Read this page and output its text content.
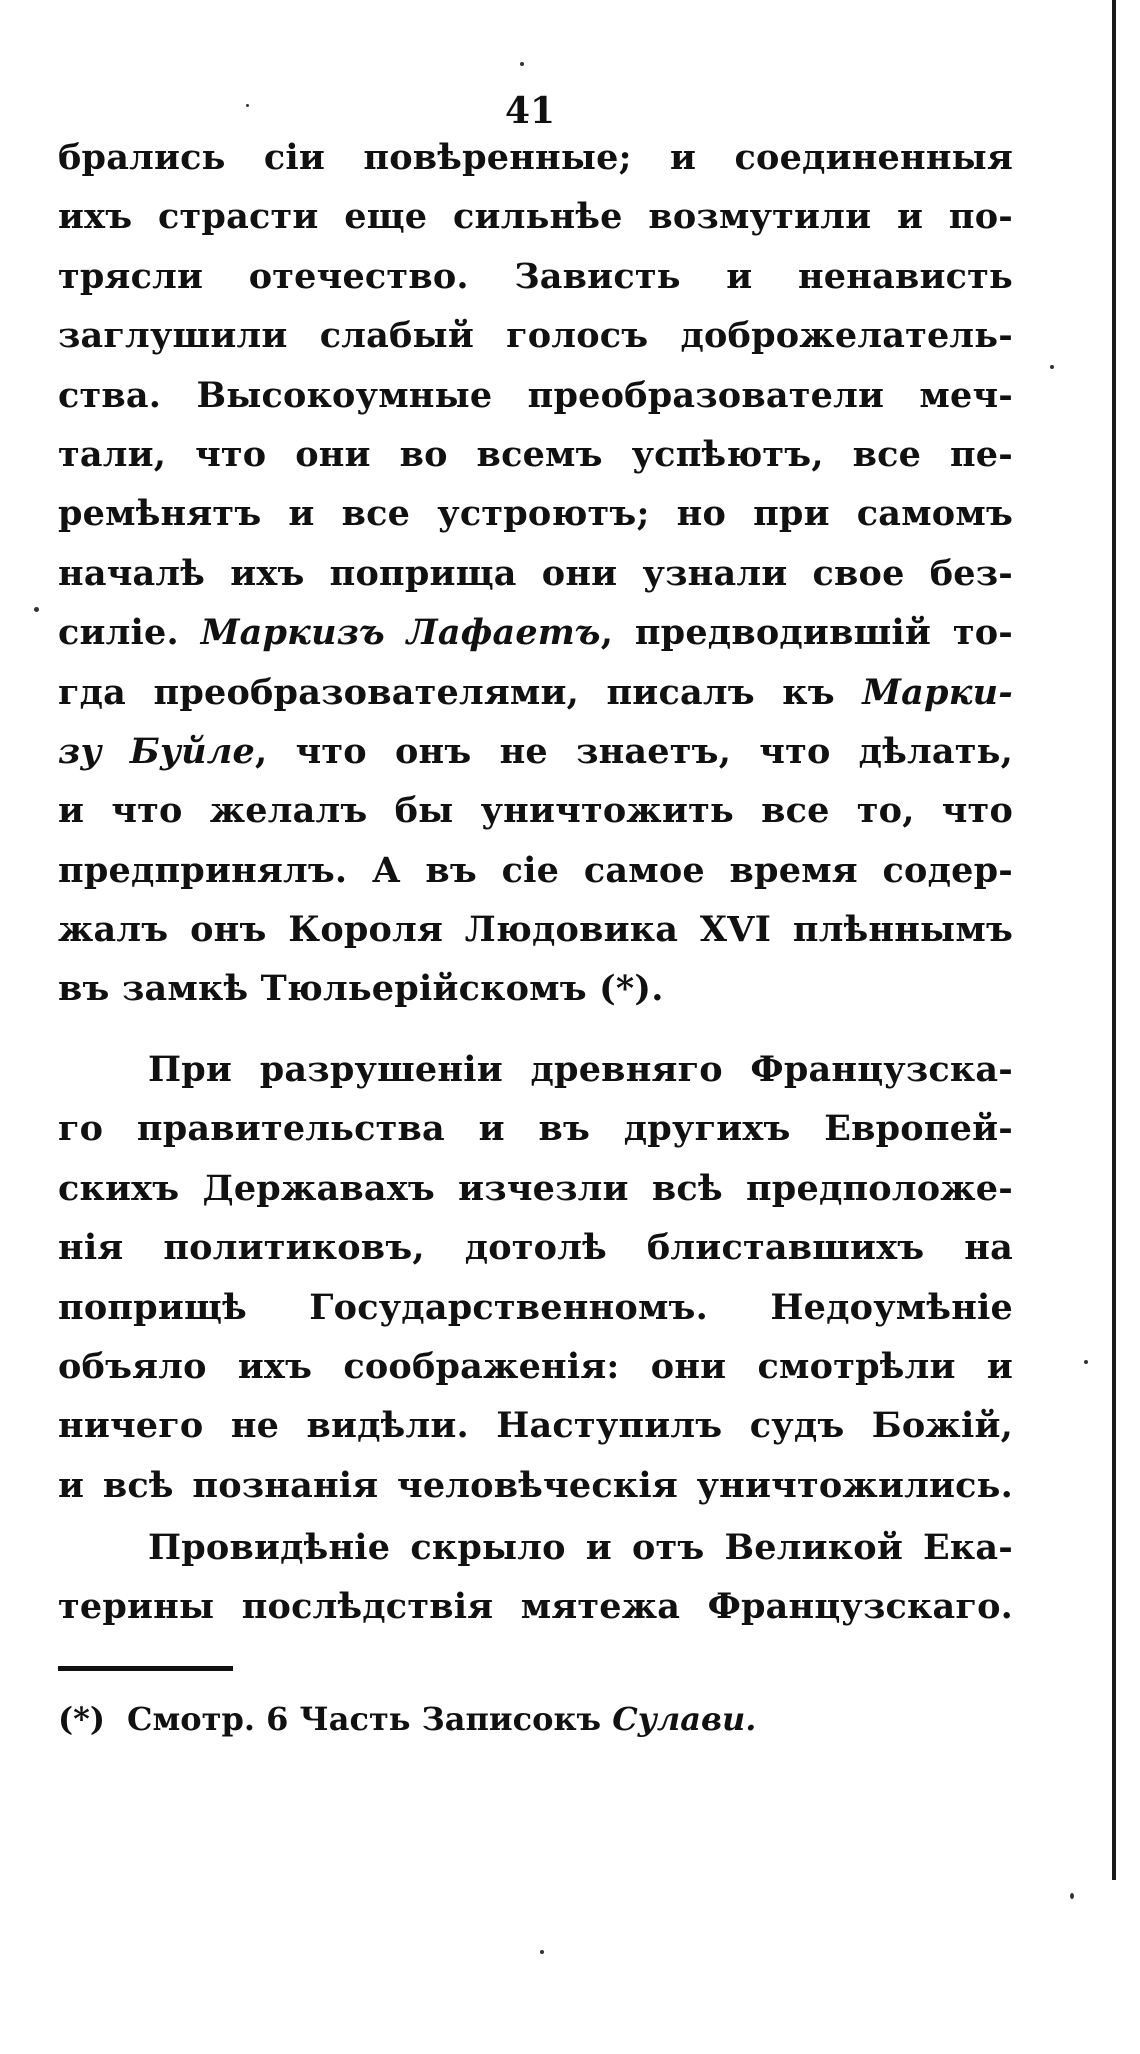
41
брались сіи повѣренные; и соединенныя
ихъ страсти еще сильнѣе возмутили и по-
трясли отечество. Зависть и ненависть
заглушили слабый голосъ доброжелатель-
ства. Высокоумные преобразователи меч-
тали, что они во всемъ успѣютъ, все пе-
ремѣнятъ и все устроютъ; но при самомъ
началѣ ихъ поприща они узнали свое без-
силіе. Маркизъ Лафаетъ, предводившій то-
гда преобразователями, писалъ къ Марки-
зу Буйле, что онъ не знаетъ, что дѣлать,
и что желалъ бы уничтожить все то, что
предпринялъ. А въ сіе самое время содер-
жалъ онъ Короля Людовика XVI плѣннымъ
въ замкѣ Тюльерійскомъ (*).
При разрушеніи древняго Французска-
го правительства и въ другихъ Европей-
скихъ Державахъ изчезли всѣ предположе-
нія политиковъ, дотолѣ блиставшихъ на
поприщѣ Государственномъ. Недоумѣніе
объяло ихъ соображенія: они смотрѣли и
ничего не видѣли. Наступилъ судъ Божій,
и всѣ познанія человѣческія уничтожились.
Провидѣніе скрыло и отъ Великой Ека-
терины послѣдствія мятежа Французскаго.
(*) Смотр. 6 Часть Записокъ Сулави.
